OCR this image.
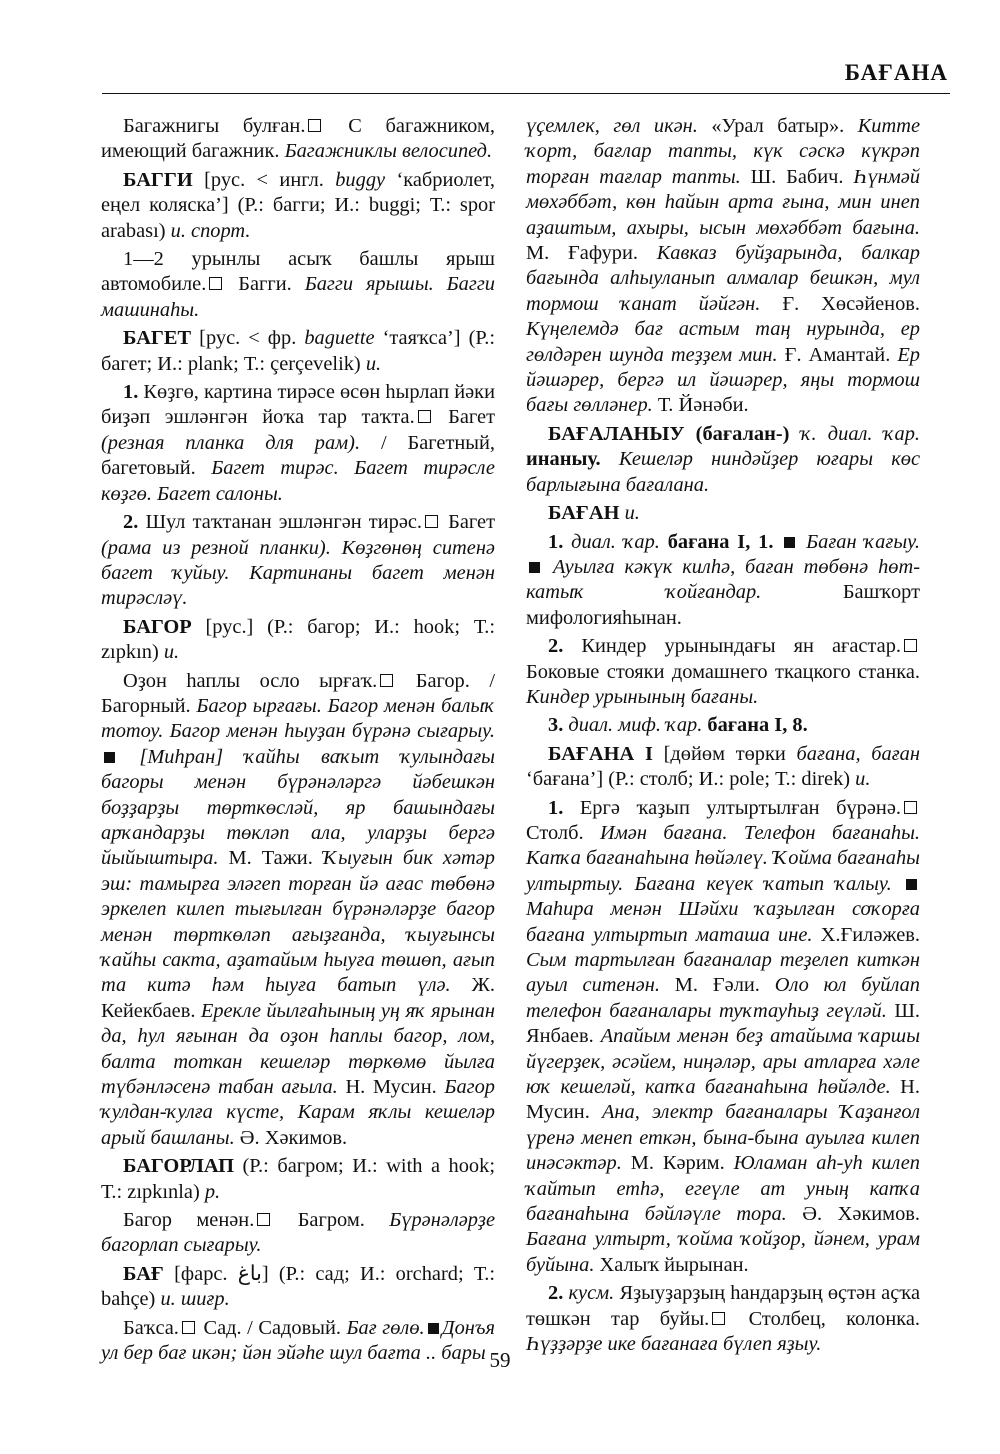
БАҒАНА

Багажнигы булған. С багажником, имеющий багажник. Багажниклы велосипед.

БАГГИ [рус. < ингл. buggy ‘кабриолет, еңел коляска’] (Р.: багги; И.: buggi; Т.: spor arabası) и. спорт.

1—2 урынлы асыҡ башлы ярыш автомобиле. Багги. Багги ярышы. Багги машинаһы.

БАГЕТ [рус. < фр. baguette ‘таяҡса’] (Р.: багет; И.: plank; Т.: çerçevelik) и.

1. Көҙгө, картина тирәсе өсөн һырлап йәки биҙәп эшләнгән йоҡа тар таҡта. Багет (резная планка для рам). / Багетный, багетовый. Багет тирәс. Багет тирәсле көҙгө. Багет салоны.

2. Шул таҡтанан эшләнгән тирәс. Багет (рама из резной планки). Көҙгөнөң ситенә багет ҡуйыу. Картинаны багет менән тирәсләү.

БАГОР [рус.] (Р.: багор; И.: hook; Т.: zıpkın) и.

Оҙон һаплы осло ырғаҡ. Багор. / Багорный. Багор ырғағы. Багор менән балыҡ тотоу. Багор менән һыуҙан бүрәнә сығарыу.  [Миһран] ҡайһы ваҡыт ҡулындағы багоры менән бүрәнәләргә йәбешкән боҙҙарҙы төрткөсләй, яр башындағы арҡандарҙы төкләп ала, уларҙы бергә йыйыштыра. М. Тажи. Ҡыуғын бик хәтәр эш: тамырға эләгеп торған йә ағас төбөнә эркелеп килеп тығылған бүрәнәләрҙе багор менән төрткөләп ағыҙғанда, ҡыуғынсы ҡайһы сакта, аҙатайым һыуға төшөп, ағып та китә һәм һыуға батып үлә. Ж. Кейекбаев. Ерекле йылғаһының уң яҡ ярынан да, һул яғынан да оҙон һаплы багор, лом, балта тоткан кешеләр төркөмө йылға түбәнләсенә табан ағыла. Н. Мусин. Багор ҡулдан-ҡулға күсте, Карам яҡлы кешеләр арый башланы. Ә. Хәкимов.

БАГОРЛАП (Р.: багром; И.: with a hook; Т.: zıpkınla) р.

Багор менән. Багром. Бүрәнәләрҙе багорлап сығарыу.

БАҒ [фарс. باغ] (Р.: сад; И.: orchard; Т.: bahçe) и. шиғр.

Баҡса. Сад. / Садовый. Бағ гөлө. Донъя ул бер бағ икән; йән эйәһе шул бағта .. бары

үҫемлек, гөл икән. «Урал батыр». Китте ҡорт, бағлар тапты, күк сәскә күкрәп торған тағлар тапты. Ш. Бабич. Һүнмәй мөхәббәт, көн һайын арта ғына, мин инеп аҙаштым, ахыры, ысын мөхәббәт бағына. М. Ғафури. Кавказ буйҙарында, балкар бағында алһыуланып алмалар бешкән, мул тормош ҡанат йәйгән. Ғ. Хөсәйенов. Күңелемдә бағ астым таң нурында, ер гөлдәрен шунда теҙҙем мин. Ғ. Амантай. Ер йәшәрер, бергә ил йәшәрер, яңы тормош бағы гөлләнер. Т. Йәнәби.

БАҒАЛАНЫУ (бағалан-) ҡ. диал. ҡар. инаныу. Кешеләр ниндәйҙер юғары көс барлығына бағалана.

БАҒАН и.

1. диал. ҡар. бағана I, 1. Баған ҡағыу.  Ауылға кәкүк килһә, баған төбөнә һөт-катыҡ ҡойғандар. Башҡорт мифологияһынан.

2. Киндер урынындағы ян ағастар. Боковые стояки домашнего ткацкого станка. Киндер урынының бағаны.

3. диал. миф. ҡар. бағана I, 8.

БАҒАНА I [дөйөм төрки бағана, баған ‘бағана’] (Р.: столб; И.: pole; Т.: direk) и.

1. Ергә ҡаҙып ултыртылған бүрәнә. Столб. Имән бағана. Телефон бағанаһы. Капҡа бағанаһына һөйәлеү. Ҡойма бағанаһы ултыртыу. Бағана кеүек ҡатып ҡалыу.  Маһира менән Шәйхи ҡаҙылған соҡорға бағана ултыртып маташа ине. Х.Ғиләжев. Сым тартылған бағаналар теҙелеп киткән ауыл ситенән. М. Ғәли. Оло юл буйлап телефон бағаналары туҡтауһыҙ геүләй. Ш. Янбаев. Апайым менән беҙ атайыма ҡаршы йүгерҙек, әсәйем, ниңәләр, ары атларға хәле юҡ кешеләй, капҡа бағанаһына һөйәлде. Н. Мусин. Ана, электр бағаналары Ҡаҙанғол үренә менеп еткән, бына-бына ауылға килеп инәсәктәр. М. Кәрим. Юламан аһ-уһ килеп ҡайтып етһә, егеүле ат уның капҡа бағанаһына бәйләүле тора. Ә. Хәкимов. Бағана ултырт, ҡойма ҡойҙор, йәнем, урам буйына. Халыҡ йырынан.

2. кусм. Яҙыуҙарҙың һандарҙың өҫтән аҫҡа төшкән тар буйы. Столбец, колонка. Һүҙҙәрҙе ике бағанаға бүлеп яҙыу.

59
